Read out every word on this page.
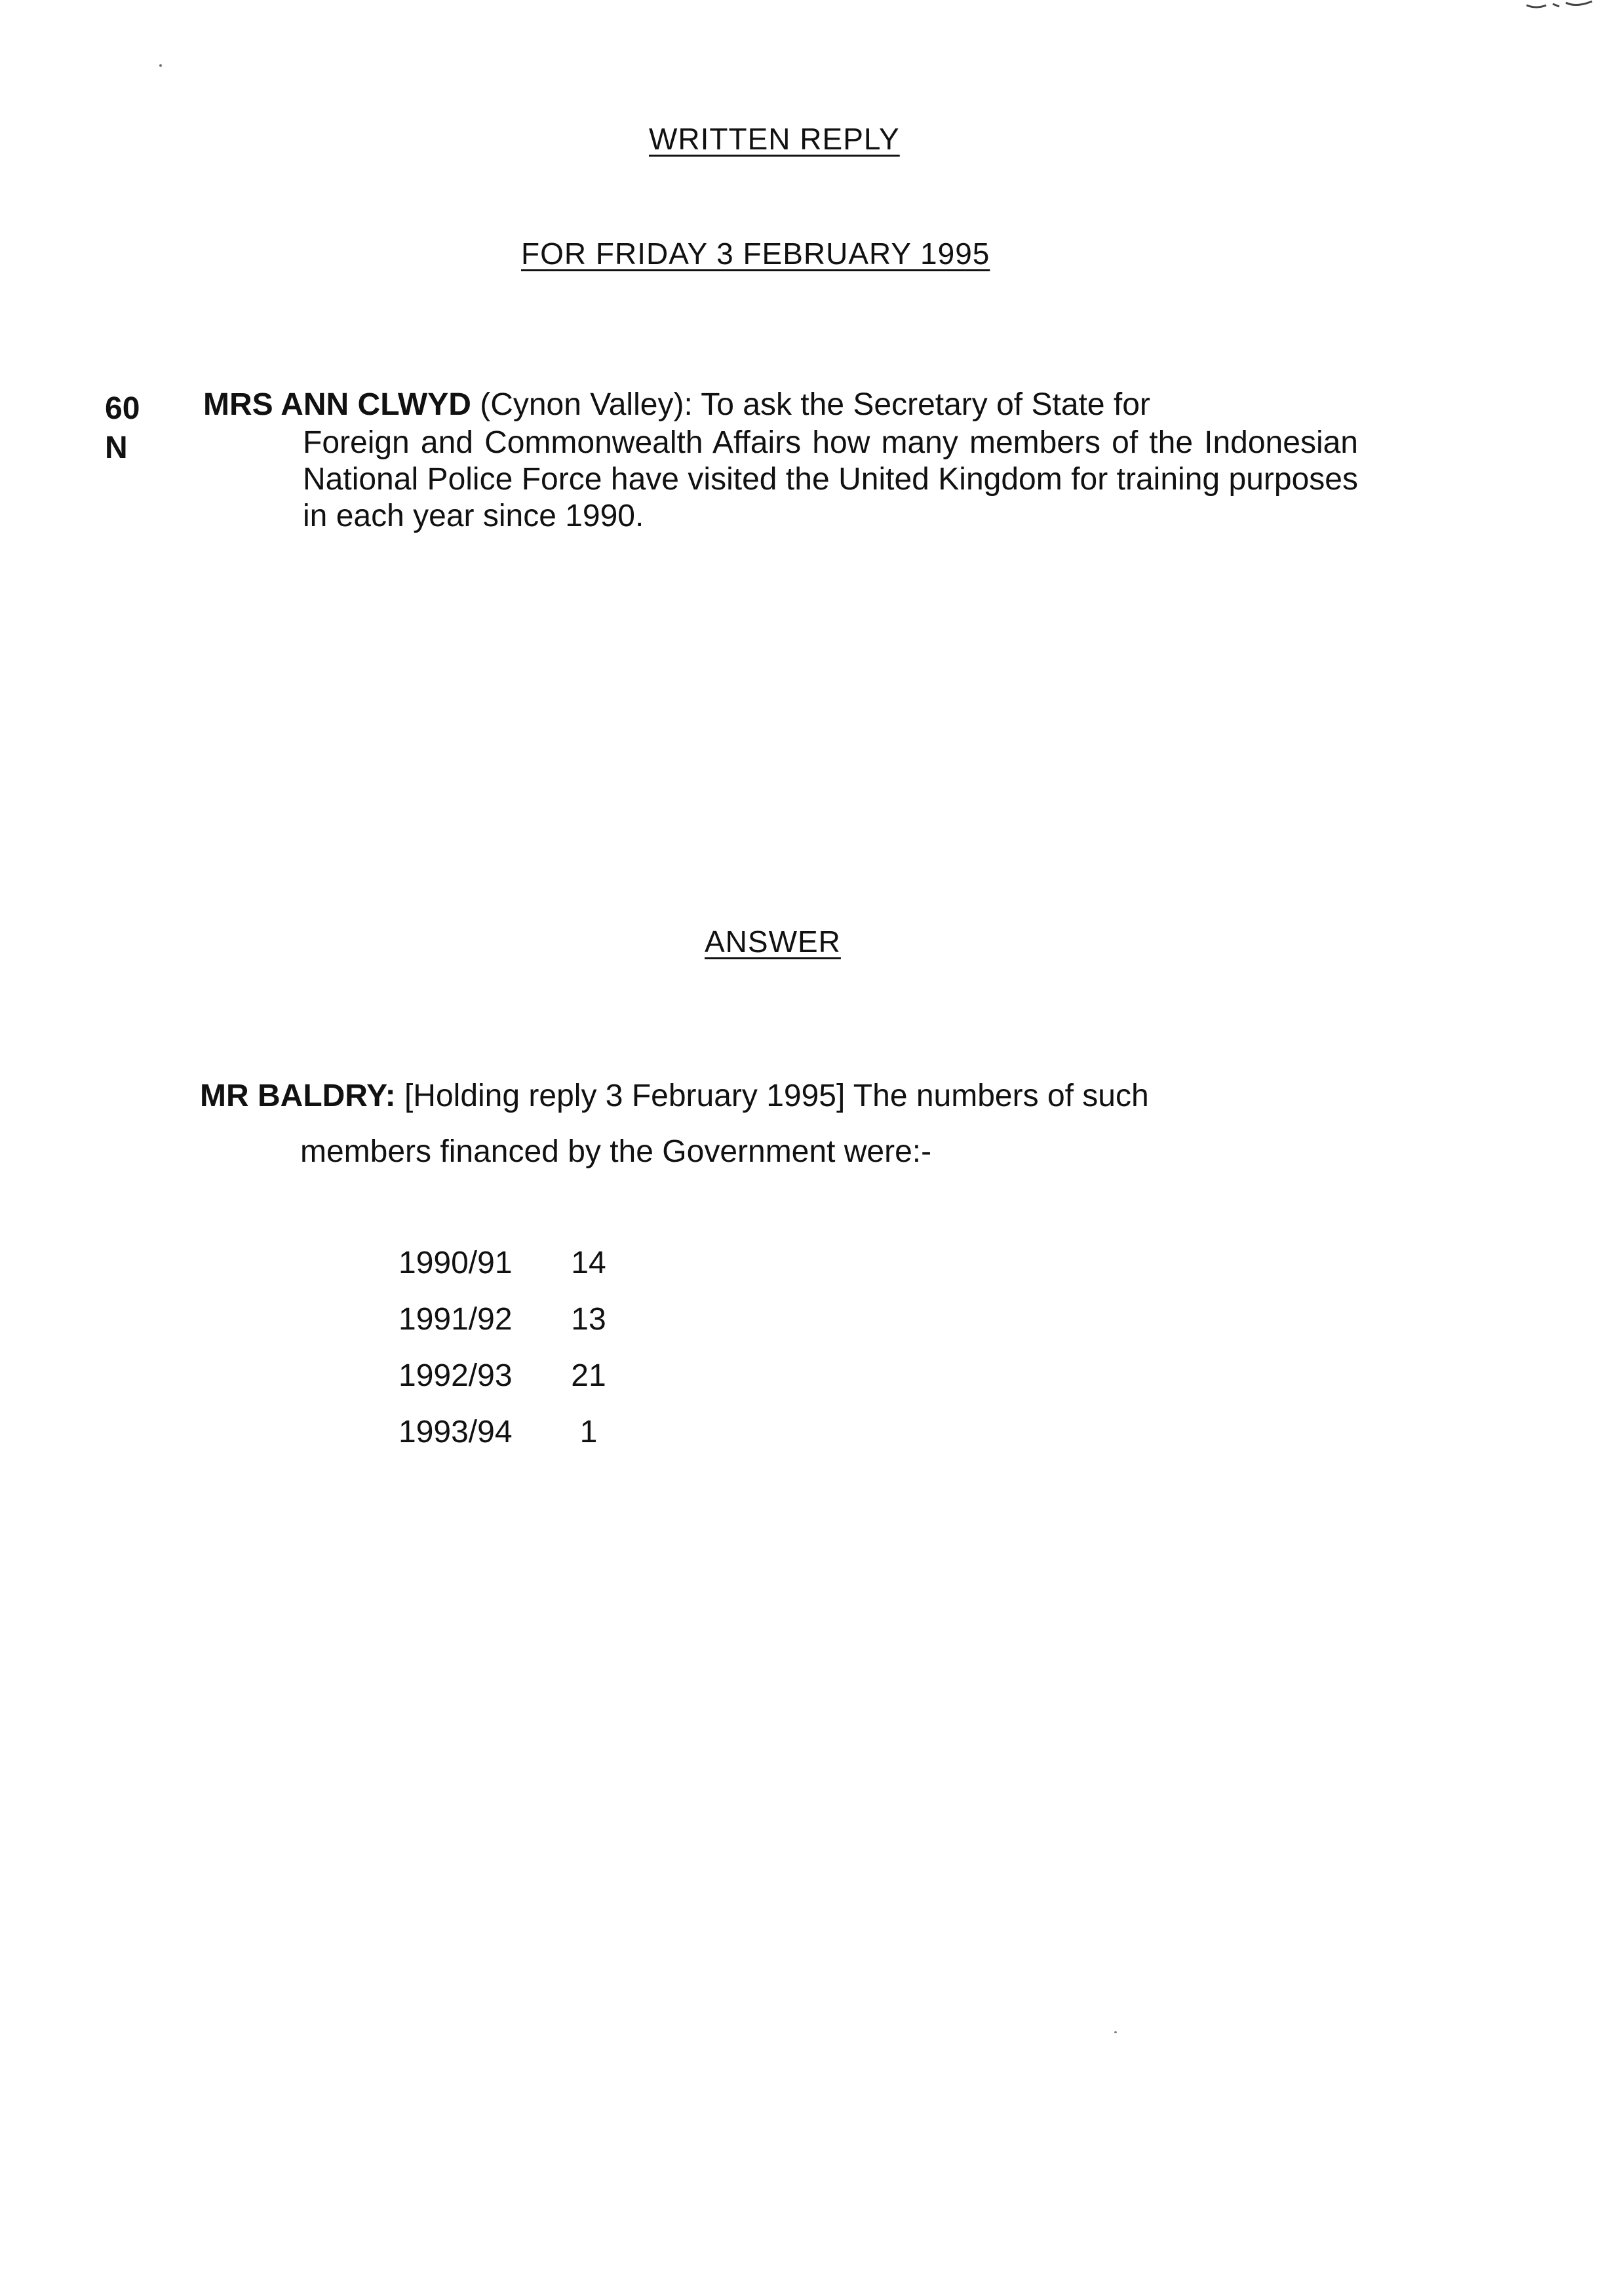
WRITTEN REPLY
FOR FRIDAY 3 FEBRUARY 1995
60
N
MRS ANN CLWYD (Cynon Valley): To ask the Secretary of State for
Foreign and Commonwealth Affairs how many members of the Indonesian National Police Force have visited the United Kingdom for training purposes in each year since 1990.
ANSWER
MR BALDRY: [Holding reply 3 February 1995] The numbers of such
members financed by the Government were:-
1990/91 14
1991/92 13
1992/93 21
1993/94	1
